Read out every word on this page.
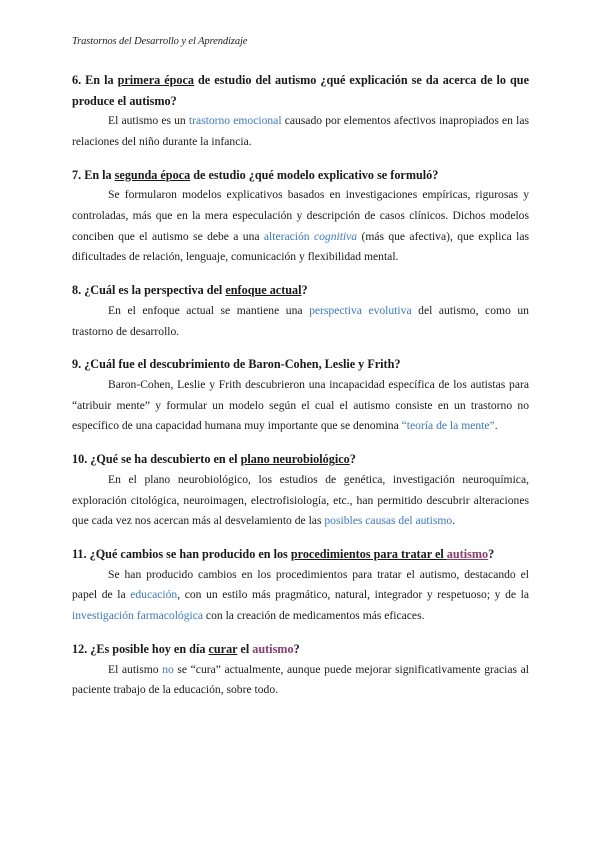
Trastornos del Desarrollo y el Aprendizaje

6. En la primera época de estudio del autismo ¿qué explicación se da acerca de lo que produce el autismo?

El autismo es un trastorno emocional causado por elementos afectivos inapropiados en las relaciones del niño durante la infancia.

7. En la segunda época de estudio ¿qué modelo explicativo se formuló?

Se formularon modelos explicativos basados en investigaciones empíricas, rigurosas y controladas, más que en la mera especulación y descripción de casos clínicos. Dichos modelos conciben que el autismo se debe a una alteración cognitiva (más que afectiva), que explica las dificultades de relación, lenguaje, comunicación y flexibilidad mental.

8. ¿Cuál es la perspectiva del enfoque actual?

En el enfoque actual se mantiene una perspectiva evolutiva del autismo, como un trastorno de desarrollo.

9. ¿Cuál fue el descubrimiento de Baron-Cohen, Leslie y Frith?

Baron-Cohen, Leslie y Frith descubrieron una incapacidad específica de los autistas para “atribuir mente” y formular un modelo según el cual el autismo consiste en un trastorno no específico de una capacidad humana muy importante que se denomina “teoría de la mente”.

10. ¿Qué se ha descubierto en el plano neurobiológico?

En el plano neurobiológico, los estudios de genética, investigación neuroquímica, exploración citológica, neuroimagen, electrofisiología, etc., han permitido descubrir alteraciones que cada vez nos acercan más al desvelamiento de las posibles causas del autismo.

11. ¿Qué cambios se han producido en los procedimientos para tratar el autismo?

Se han producido cambios en los procedimientos para tratar el autismo, destacando el papel de la educación, con un estilo más pragmático, natural, integrador y respetuoso; y de la investigación farmacológica con la creación de medicamentos más eficaces.

12. ¿Es posible hoy en día curar el autismo?

El autismo no se “cura” actualmente, aunque puede mejorar significativamente gracias al paciente trabajo de la educación, sobre todo.
